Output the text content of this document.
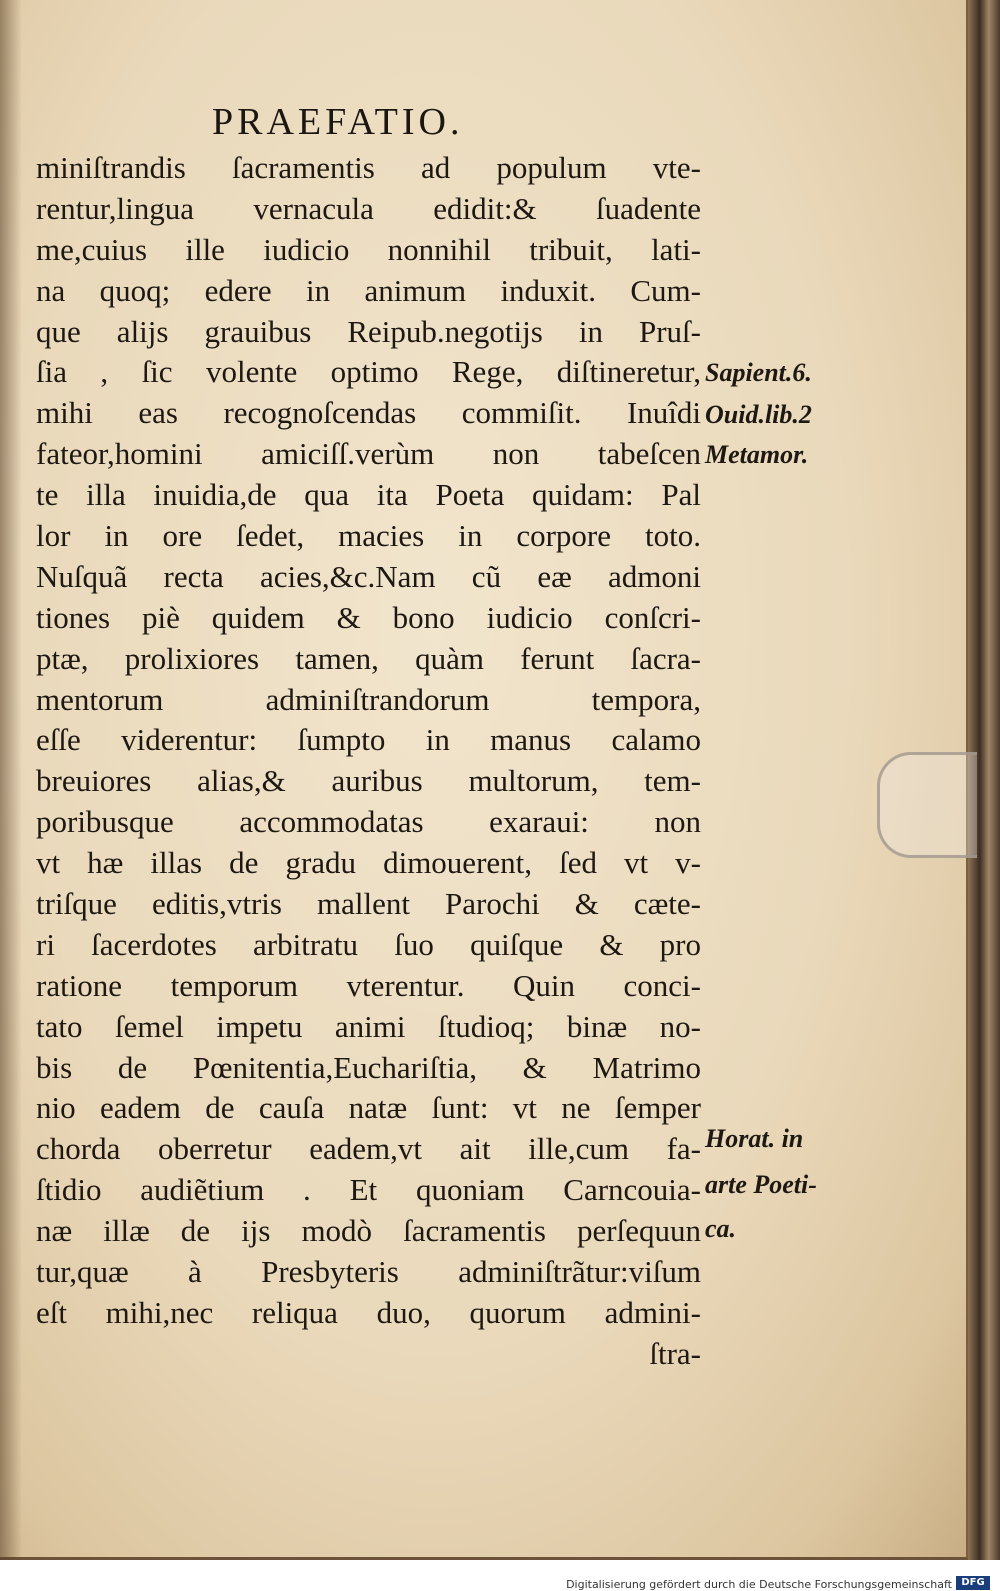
PRAEFATIO.
miniſtrandis ſacramentis ad populum vte-
rentur,lingua vernacula edidit:& ſuadente
me,cuius ille iudicio nonnihil tribuit, lati-
na quoq; edere in animum induxit. Cum-
que alijs grauibus Reipub.negotijs in Pruſ-
ſia , ſic volente optimo Rege, diſtineretur,
mihi eas recognoſcendas commiſit. Inuîdi
fateor,homini amiciſſ.verùm non tabeſcen
te illa inuidia,de qua ita Poeta quidam: Pal
lor in ore ſedet, macies in corpore toto.
Nuſquã recta acies,&c.Nam cũ eæ admoni
tiones piè quidem & bono iudicio conſcri-
ptæ, prolixiores tamen, quàm ferunt ſacra-
mentorum adminiſtrandorum tempora,
eſſe viderentur: ſumpto in manus calamo
breuiores alias,& auribus multorum, tem-
poribusque accommodatas exaraui: non
vt hæ illas de gradu dimouerent, ſed vt v-
triſque editis,vtris mallent Parochi & cæte-
ri ſacerdotes arbitratu ſuo quiſque & pro
ratione temporum vterentur. Quin conci-
tato ſemel impetu animi ſtudioq; binæ no-
bis de Pœnitentia,Euchariſtia, & Matrimo
nio eadem de cauſa natæ ſunt: vt ne ſemper
chorda oberretur eadem,vt ait ille,cum fa-
ſtidio audiẽtium . Et quoniam Carncouia-
næ illæ de ijs modò ſacramentis perſequun
tur,quæ à Presbyteris adminiſtrãtur:viſum
eſt mihi,nec reliqua duo, quorum admini-
ſtra-
Sapient.6.
Ouid.lib.2
Metamor.
Horat. in
arte Poeti-
ca.
Digitalisierung gefördert durch die Deutsche Forschungsgemeinschaft DFG
